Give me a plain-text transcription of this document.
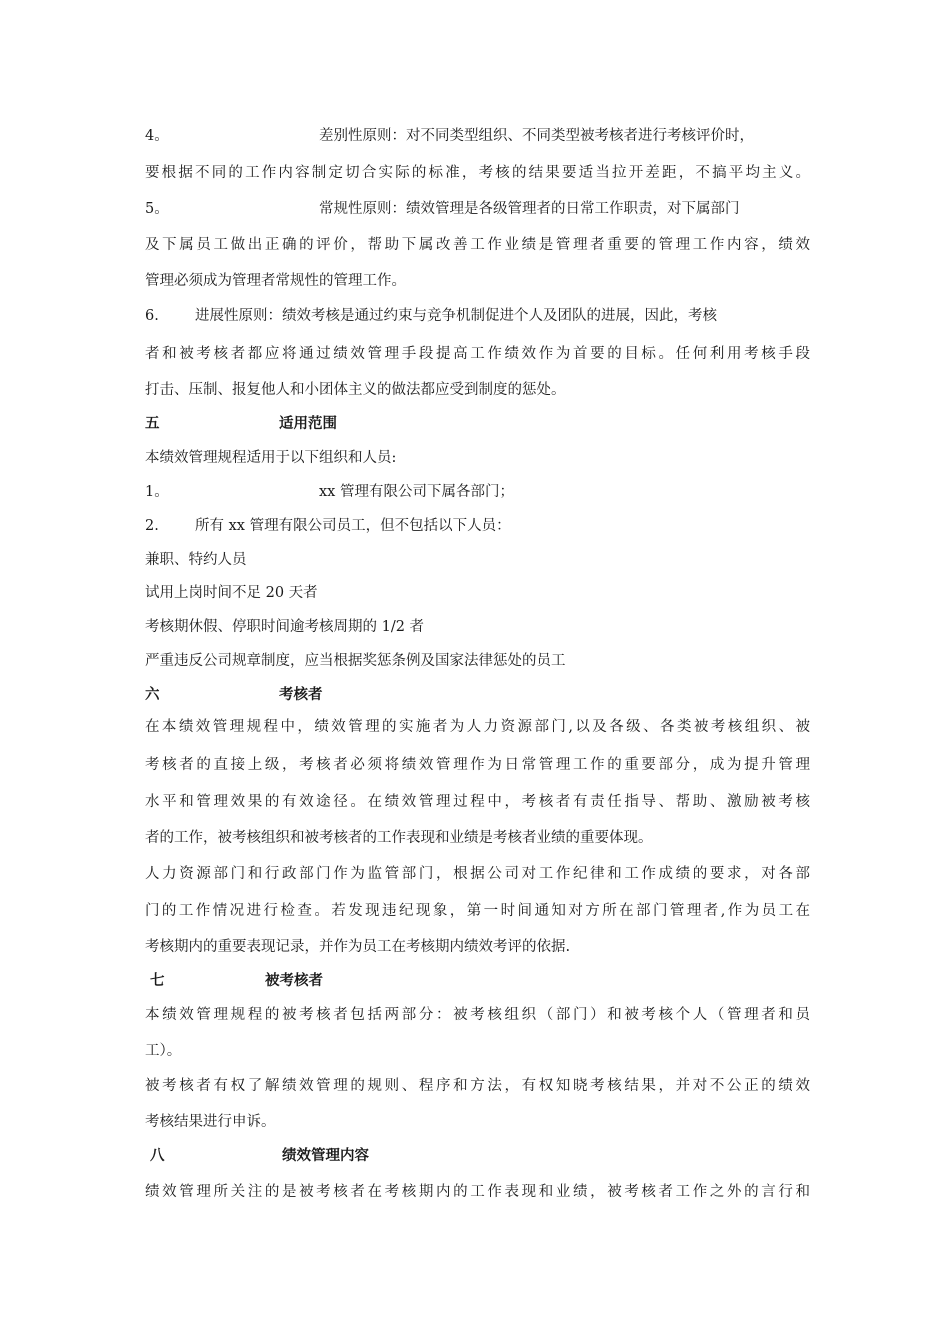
4。	差别性原则：对不同类型组织、不同类型被考核者进行考核评价时，
要根据不同的工作内容制定切合实际的标准，考核的结果要适当拉开差距，不搞平均主义。
5。	常规性原则：绩效管理是各级管理者的日常工作职责，对下属部门
及下属员工做出正确的评价，帮助下属改善工作业绩是管理者重要的管理工作内容，绩效
管理必须成为管理者常规性的管理工作。
6. 进展性原则：绩效考核是通过约束与竞争机制促进个人及团队的进展，因此，考核
者和被考核者都应将通过绩效管理手段提高工作绩效作为首要的目标。任何利用考核手段
打击、压制、报复他人和小团体主义的做法都应受到制度的惩处。
五	适用范围
本绩效管理规程适用于以下组织和人员:
1。	xx 管理有限公司下属各部门；
2. 所有 xx 管理有限公司员工，但不包括以下人员：
兼职、特约人员
试用上岗时间不足 20 天者
考核期休假、停职时间逾考核周期的 1/2 者
严重违反公司规章制度，应当根据奖惩条例及国家法律惩处的员工
六	考核者
在本绩效管理规程中，绩效管理的实施者为人力资源部门,以及各级、各类被考核组织、被
考核者的直接上级，考核者必须将绩效管理作为日常管理工作的重要部分，成为提升管理
水平和管理效果的有效途径。在绩效管理过程中，考核者有责任指导、帮助、激励被考核
者的工作，被考核组织和被考核者的工作表现和业绩是考核者业绩的重要体现。
人力资源部门和行政部门作为监管部门，根据公司对工作纪律和工作成绩的要求，对各部
门的工作情况进行检查。若发现违纪现象，第一时间通知对方所在部门管理者,作为员工在
考核期内的重要表现记录，并作为员工在考核期内绩效考评的依据.
七	被考核者
本绩效管理规程的被考核者包括两部分：被考核组织（部门）和被考核个人（管理者和员
工）。
被考核者有权了解绩效管理的规则、程序和方法，有权知晓考核结果，并对不公正的绩效
考核结果进行申诉。
八	绩效管理内容
绩效管理所关注的是被考核者在考核期内的工作表现和业绩，被考核者工作之外的言行和
